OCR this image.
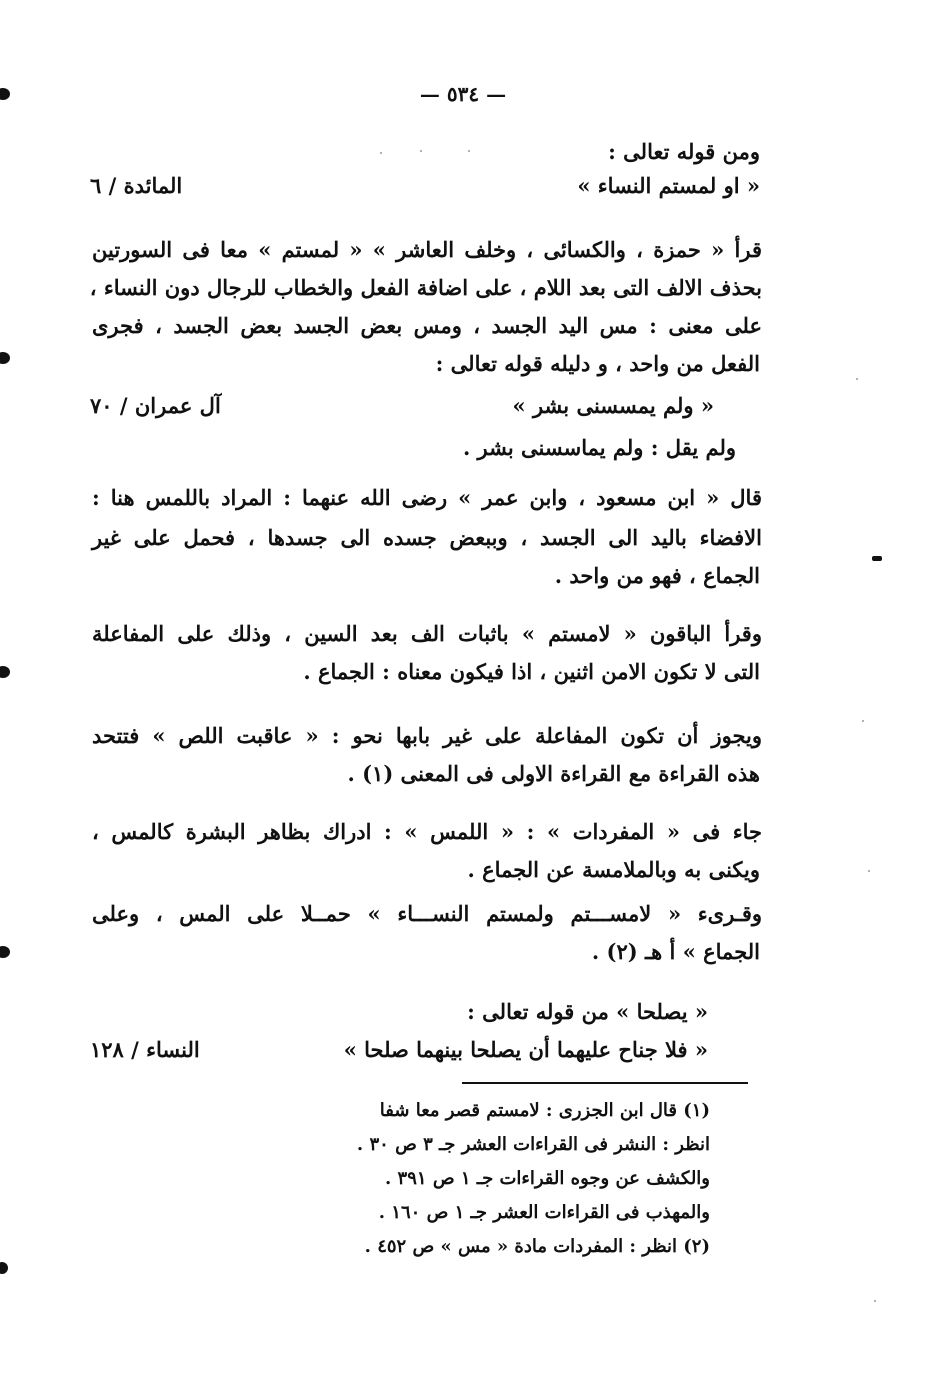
— ٥٣٤ —
ومن قوله تعالى :
« او لمستم النساء »
المائدة / ٦
قرأ « حمزة ، والكسائى ، وخلف العاشر » « لمستم » معا فى السورتين
بحذف الالف التى بعد اللام ، على اضافة الفعل والخطاب للرجال دون النساء ،
على معنى : مس اليد الجسد ، ومس بعض الجسد بعض الجسد ، فجرى
الفعل من واحد ، و دليله قوله تعالى :
« ولم يمسسنى بشر »
آل عمران / ٧٠
ولم يقل : ولم يماسسنى بشر .
قال « ابن مسعود ، وابن عمر » رضى الله عنهما : المراد باللمس هنا :
الافضاء باليد الى الجسد ، وببعض جسده الى جسدها ، فحمل على غير
الجماع ، فهو من واحد .
وقرأ الباقون « لامستم » باثبات الف بعد السين ، وذلك على المفاعلة
التى لا تكون الامن اثنين ، اذا فيكون معناه : الجماع .
ويجوز أن تكون المفاعلة على غير بابها نحو : « عاقبت اللص » فتتحد
هذه القراءة مع القراءة الاولى فى المعنى (١) .
جاء فى « المفردات » : « اللمس » : ادراك بظاهر البشرة كالمس ،
ويكنى به وبالملامسة عن الجماع .
وقـرىء « لامســـتم ولمستم النســـاء » حمــلا على المس ، وعلى
الجماع » أ هـ (٢) .
« يصلحا » من قوله تعالى :
« فلا جناح عليهما أن يصلحا بينهما صلحا »
النساء / ١٢٨
(١) قال ابن الجزرى : لامستم قصر معا شفا
انظر : النشر فى القراءات العشر جـ ٣ ص ٣٠ .
والكشف عن وجوه القراءات جـ ١ ص ٣٩١ .
والمهذب فى القراءات العشر جـ ١ ص ١٦٠ .
(٢) انظر : المفردات مادة « مس » ص ٤٥٢ .
